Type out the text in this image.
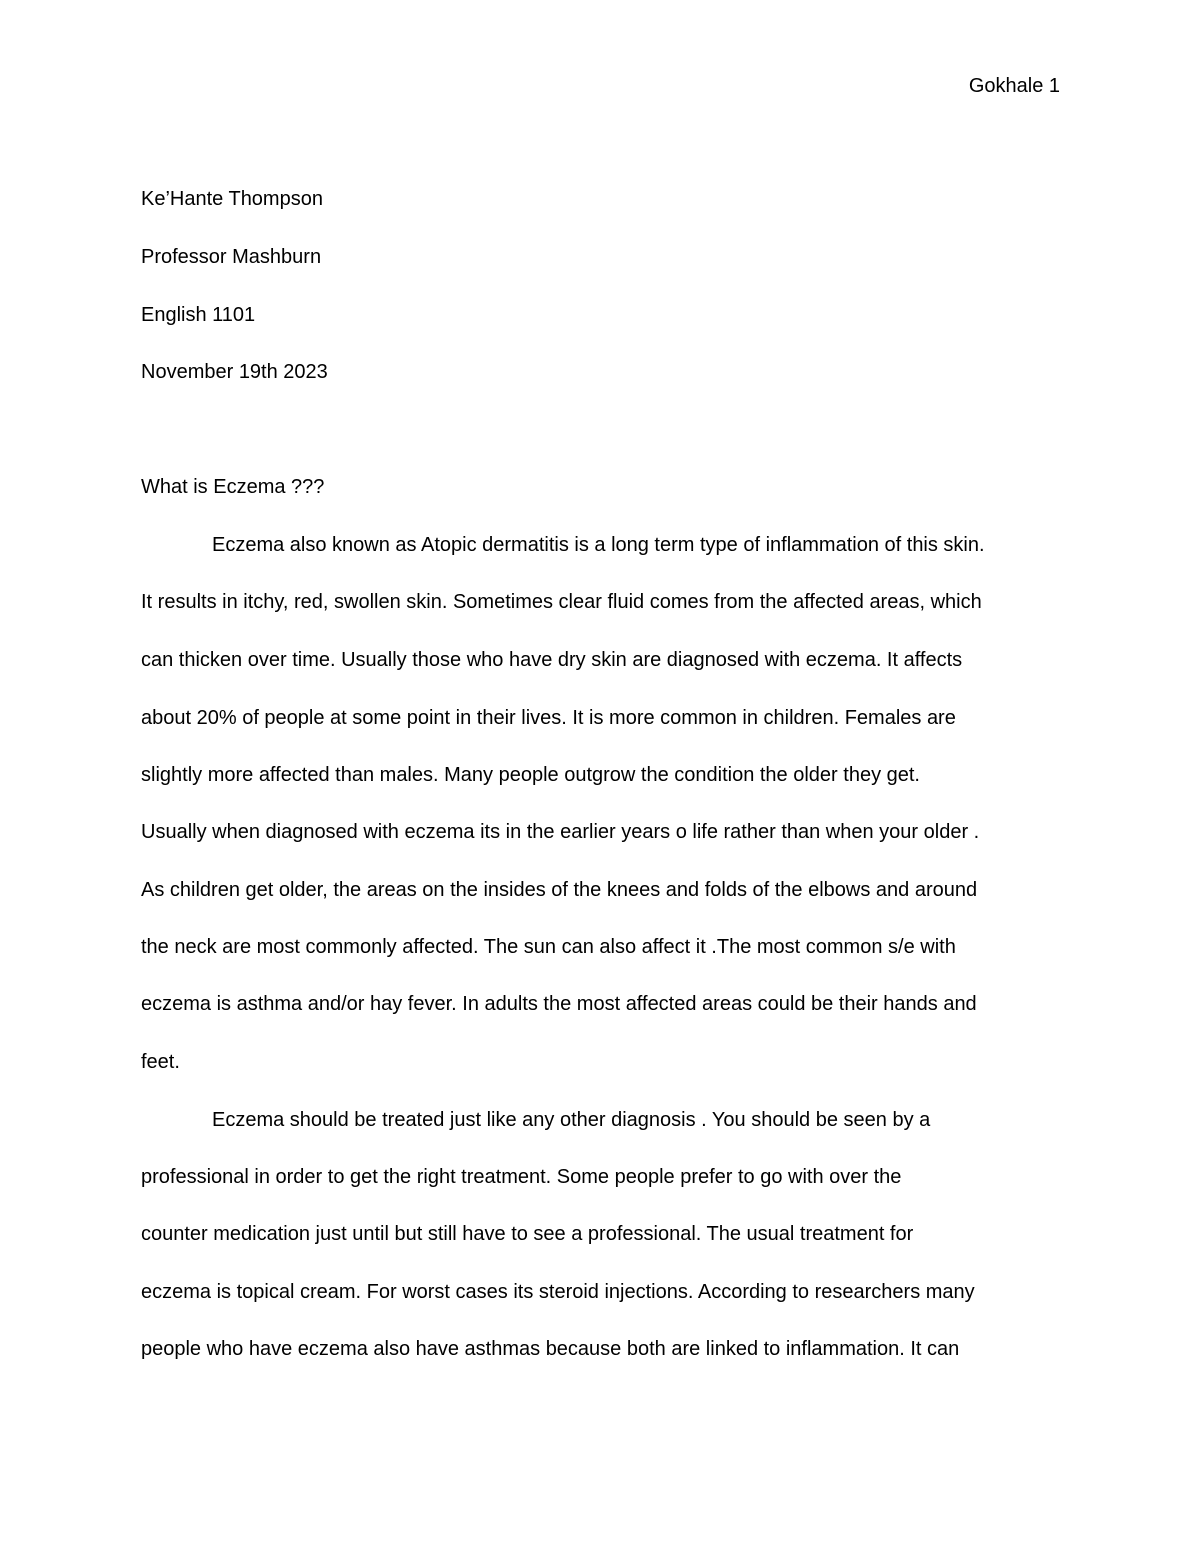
Gokhale 1
Ke’Hante Thompson
Professor Mashburn
English 1101
November 19th 2023
What is Eczema ???
Eczema also known as Atopic dermatitis is a long term type of inflammation of this skin.
It results in itchy, red, swollen skin. Sometimes clear fluid comes from the affected areas, which
can thicken over time. Usually those who have dry skin are diagnosed with eczema. It affects
about 20% of people at some point in their lives. It is more common in children. Females are
slightly more affected than males. Many people outgrow the condition the older they get.
Usually when diagnosed with eczema its in the earlier years o life rather than when your older .
As children get older, the areas on the insides of the knees and folds of the elbows and around
the neck are most commonly affected. The sun can also affect it .The most common s/e with
eczema is asthma and/or hay fever. In adults the most affected areas could be their hands and
feet.
Eczema should be treated just like any other diagnosis . You should be seen by a
professional in order to get the right treatment. Some people prefer to go with over the
counter medication just until but still have to see a professional. The usual treatment for
eczema is topical cream. For worst cases its steroid injections. According to researchers many
people who have eczema also have asthmas because both are linked to inflammation. It can
